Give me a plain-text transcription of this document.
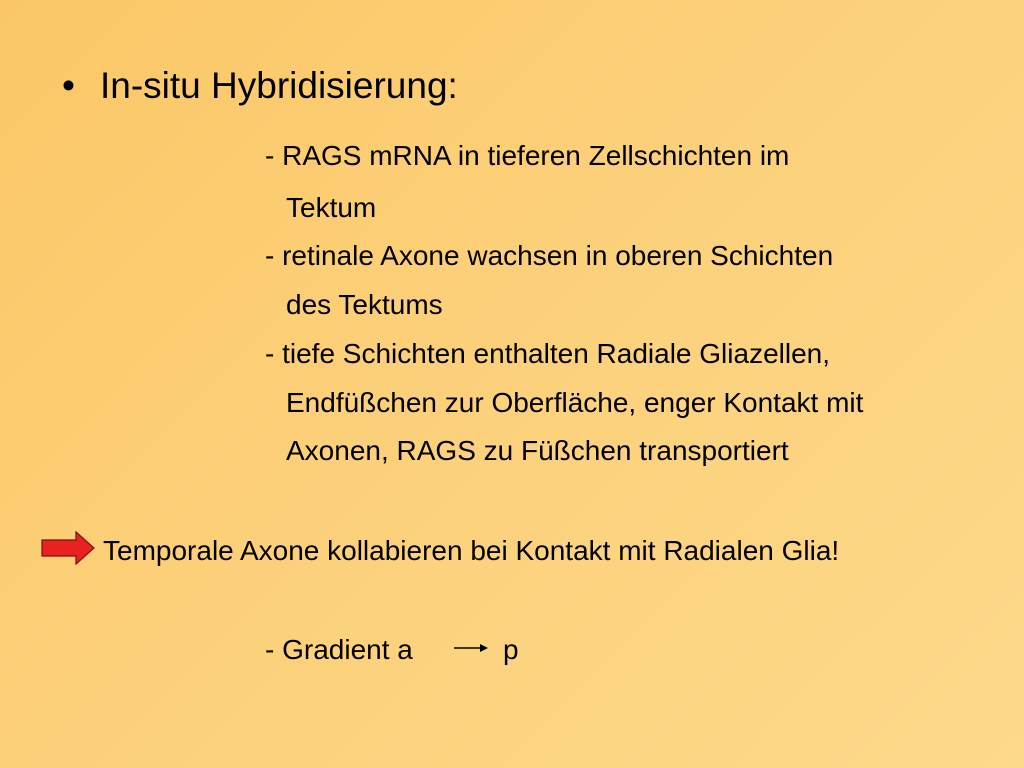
• In-situ Hybridisierung:
- RAGS mRNA in tieferen Zellschichten im
Tektum
- retinale Axone wachsen in oberen Schichten
des Tektums
- tiefe Schichten enthalten Radiale Gliazellen,
Endfüßchen zur Oberfläche, enger Kontakt mit
Axonen, RAGS zu Füßchen transportiert
Temporale Axone kollabieren bei Kontakt mit Radialen Glia!
- Gradient a	p
